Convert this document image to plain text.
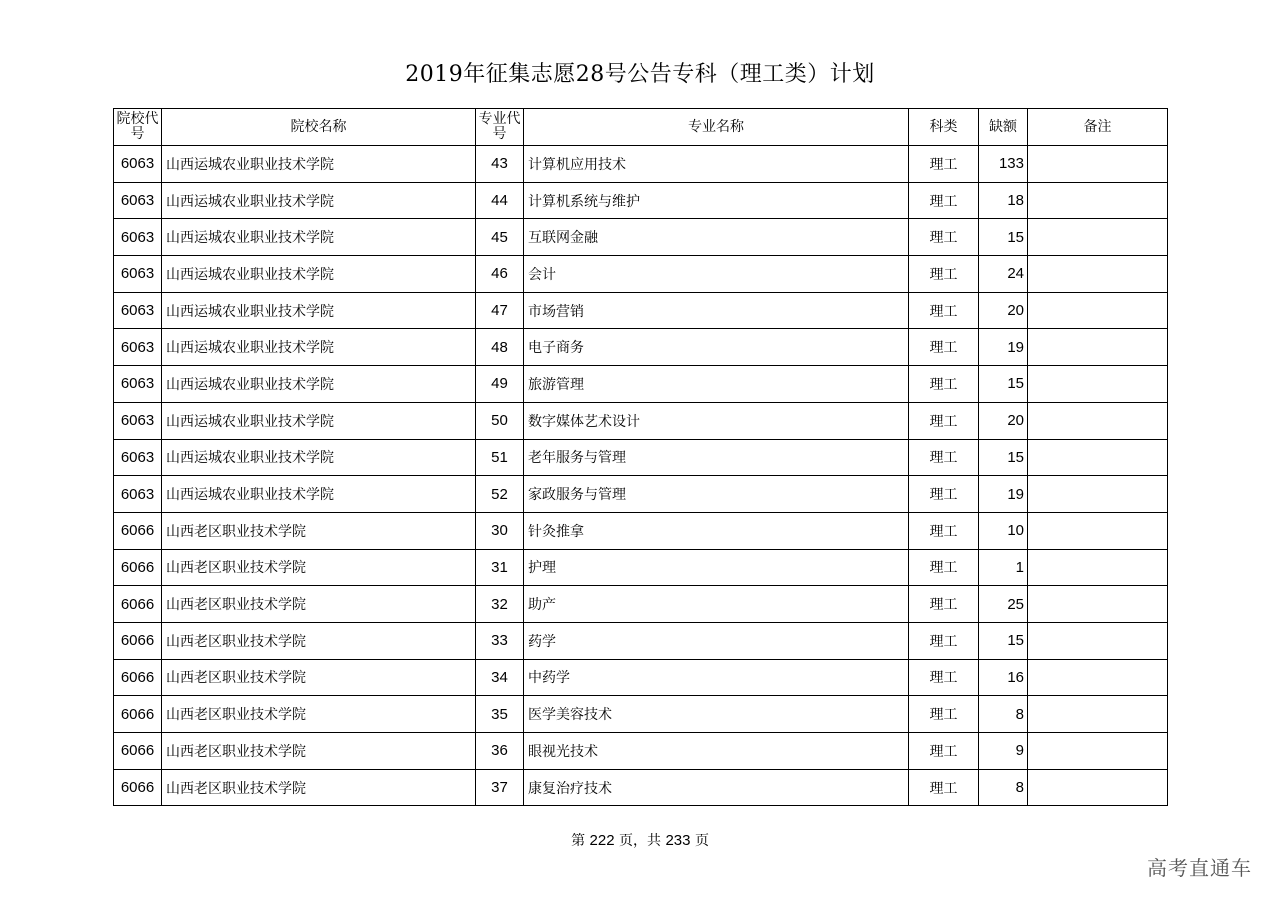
2019年征集志愿28号公告专科（理工类）计划
院校代号	院校名称	专业代号	专业名称	科类	缺额	备注
6063	山西运城农业职业技术学院	43	计算机应用技术	理工	133	
6063	山西运城农业职业技术学院	44	计算机系统与维护	理工	18	
6063	山西运城农业职业技术学院	45	互联网金融	理工	15	
6063	山西运城农业职业技术学院	46	会计	理工	24	
6063	山西运城农业职业技术学院	47	市场营销	理工	20	
6063	山西运城农业职业技术学院	48	电子商务	理工	19	
6063	山西运城农业职业技术学院	49	旅游管理	理工	15	
6063	山西运城农业职业技术学院	50	数字媒体艺术设计	理工	20	
6063	山西运城农业职业技术学院	51	老年服务与管理	理工	15	
6063	山西运城农业职业技术学院	52	家政服务与管理	理工	19	
6066	山西老区职业技术学院	30	针灸推拿	理工	10	
6066	山西老区职业技术学院	31	护理	理工	1	
6066	山西老区职业技术学院	32	助产	理工	25	
6066	山西老区职业技术学院	33	药学	理工	15	
6066	山西老区职业技术学院	34	中药学	理工	16	
6066	山西老区职业技术学院	35	医学美容技术	理工	8	
6066	山西老区职业技术学院	36	眼视光技术	理工	9	
6066	山西老区职业技术学院	37	康复治疗技术	理工	8	
第 222 页，共 233 页
高考直通车
